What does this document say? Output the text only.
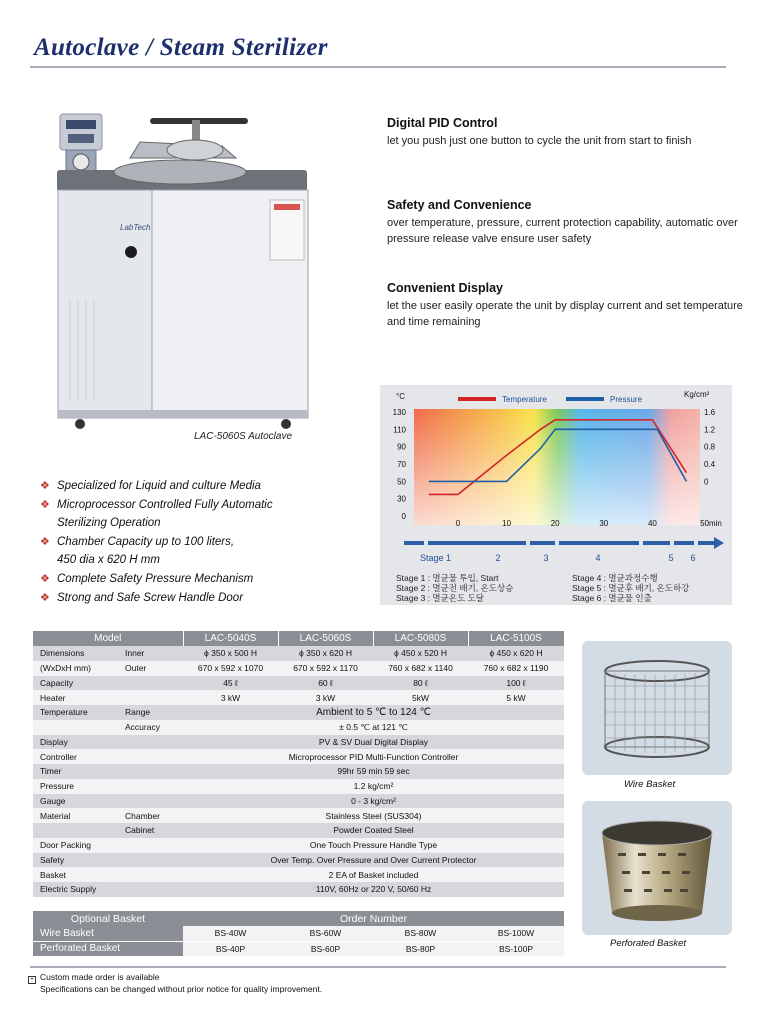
Autoclave / Steam Sterilizer
LabTech
LAC-5060S Autoclave
Digital PID Control

let you push just one button to cycle the unit from start to finish

Safety and Convenience

over temperature, pressure, current protection capability, automatic over pressure release valve ensure user safety

Convenient Display

let the user easily operate the unit by display current and set temperature and time remaining

°C	Kg/cm²
130
110
90
70
50
30
0
1.6
1.2
0.8
0.4
0
0	10	20	30	40	50min
Temperature	Pressure
Stage 1	2	3	4	5 6
Stage 1 : 멸균물 투입, Start
Stage 2 : 멸균전 배기, 온도상승
Stage 3 : 멸균온도 도달
Stage 4 : 멸균과정수행
Stage 5 : 멸균후 배기, 온도하강
Stage 6 : 멸균물 인출
❖ Specialized for Liquid and culture Media
❖ Microprocessor Controlled Fully Automatic
Sterilizing Operation
❖ Chamber Capacity up to 100 liters,
450 dia x 620 H mm
❖ Complete Safety Pressure Mechanism
❖ Strong and Safe Screw Handle Door
Model		LAC-5040S	LAC-5060S	LAC-5080S	LAC-5100S
Dimensions	Inner	ϕ 350 x 500 H	ϕ 350 x 620 H	ϕ 450 x 520 H	ϕ 450 x 620 H
(WxDxH mm)	Outer	670 x 592 x 1070	670 x 592 x 1170	760 x 682 x 1140	760 x 682 x 1190
Capacity		45 ℓ	60 ℓ	80 ℓ	100 ℓ
Heater		3 kW	3 kW	5kW	5 kW
Temperature	Range	Ambient to 5 ℃ to 124 ℃			
	Accuracy	± 0.5 ℃ at 121 ℃			
Display		PV & SV Dual Digital Display			
Controller		Microprocessor PID Multi-Function Controller			
Timer		99hr 59 min 59 sec			
Pressure		1.2 kg/cm²			
Gauge		0 - 3 kg/cm²			
Material	Chamber	Stainless Steel (SUS304)			
	Cabinet	Powder Coated Steel			
Door Packing		One Touch Pressure Handle Type			
Safety		Over Temp. Over Pressure and Over Current Protector			
Basket		2 EA of Basket included			
Electric Supply		110V, 60Hz or 220 V, 50/60 Hz			
Optional Basket	Order Number			
Wire Basket	BS-40W	BS-60W	BS-80W	BS-100W
Perforated Basket	BS-40P	BS-60P	BS-80P	BS-100P
Wire Basket
Perforated Basket
+ Custom made order is available
Specifications can be changed without prior notice for quality improvement.
